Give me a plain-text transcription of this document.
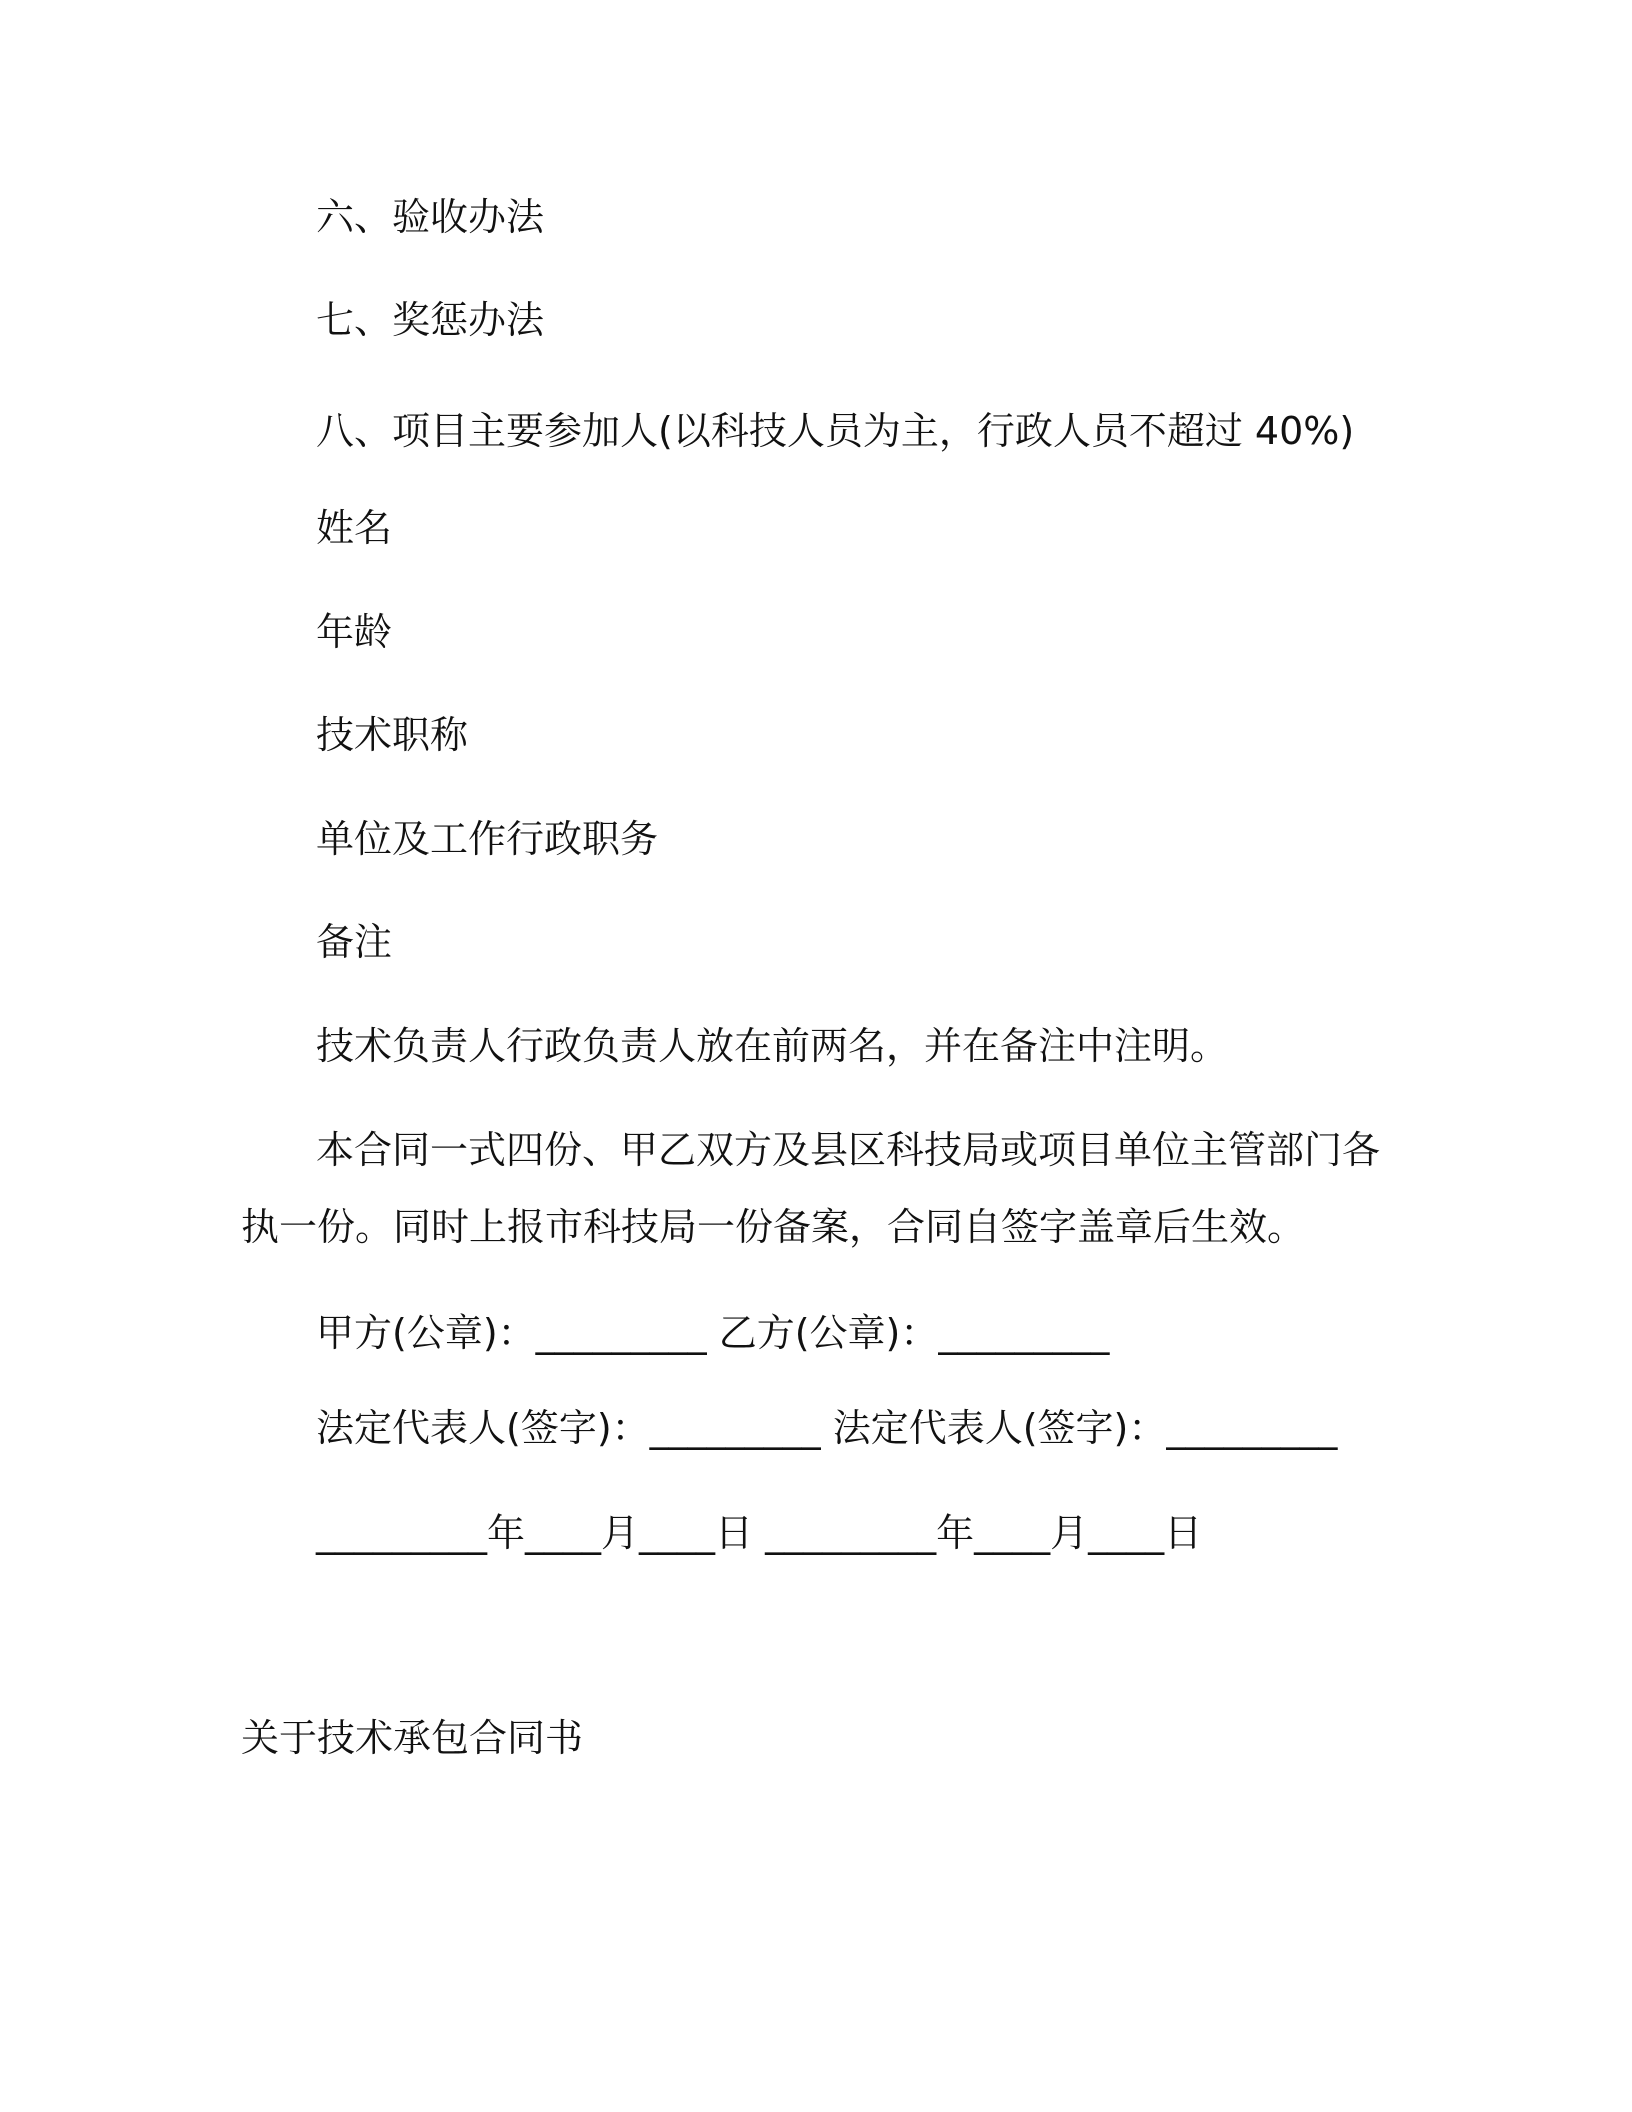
六、验收办法
七、奖惩办法
八、项目主要参加人(以科技人员为主，行政人员不超过 40%)
姓名
年龄
技术职称
单位及工作行政职务
备注
技术负责人行政负责人放在前两名，并在备注中注明。
本合同一式四份、甲乙双方及县区科技局或项目单位主管部门各
执一份。同时上报市科技局一份备案，合同自签字盖章后生效。
甲方(公章)：_________ 乙方(公章)：_________
法定代表人(签字)：_________ 法定代表人(签字)：_________
_________年____月____日 _________年____月____日
关于技术承包合同书
